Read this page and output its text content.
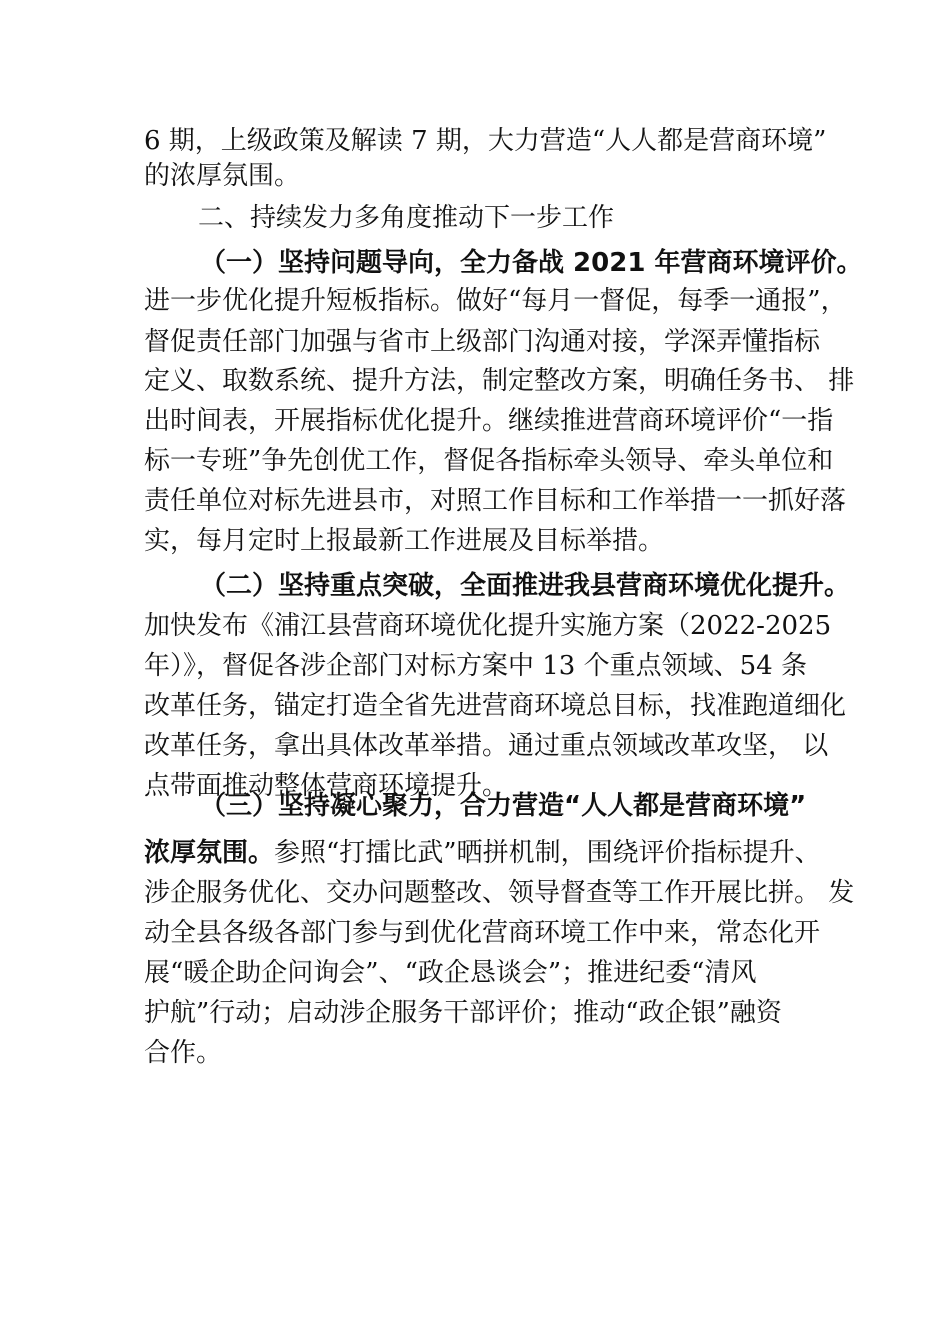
6 期，上级政策及解读 7 期，大力营造“人人都是营商环境”
的浓厚氛围。
二、持续发力多角度推动下一步工作
（一）坚持问题导向，全力备战 2021 年营商环境评价。
进一步优化提升短板指标。做好“每月一督促，每季一通报”，
督促责任部门加强与省市上级部门沟通对接，学深弄懂指标
定义、取数系统、提升方法，制定整改方案，明确任务书、 排
出时间表，开展指标优化提升。继续推进营商环境评价“一指
标一专班”争先创优工作，督促各指标牵头领导、牵头单位和
责任单位对标先进县市，对照工作目标和工作举措一一抓好落
实，每月定时上报最新工作进展及目标举措。
（二）坚持重点突破，全面推进我县营商环境优化提升。
加快发布《浦江县营商环境优化提升实施方案（2022-2025
年）》，督促各涉企部门对标方案中 13 个重点领域、54 条
改革任务，锚定打造全省先进营商环境总目标，找准跑道细化
改革任务，拿出具体改革举措。通过重点领域改革攻坚， 以
点带面推动整体营商环境提升。
（三）坚持凝心聚力，合力营造“人人都是营商环境”
浓厚氛围。参照“打擂比武”晒拼机制，围绕评价指标提升、
涉企服务优化、交办问题整改、领导督查等工作开展比拼。 发
动全县各级各部门参与到优化营商环境工作中来，常态化开
展“暖企助企问询会”、“政企恳谈会”；推进纪委“清风
护航”行动；启动涉企服务干部评价；推动“政企银”融资
合作。
